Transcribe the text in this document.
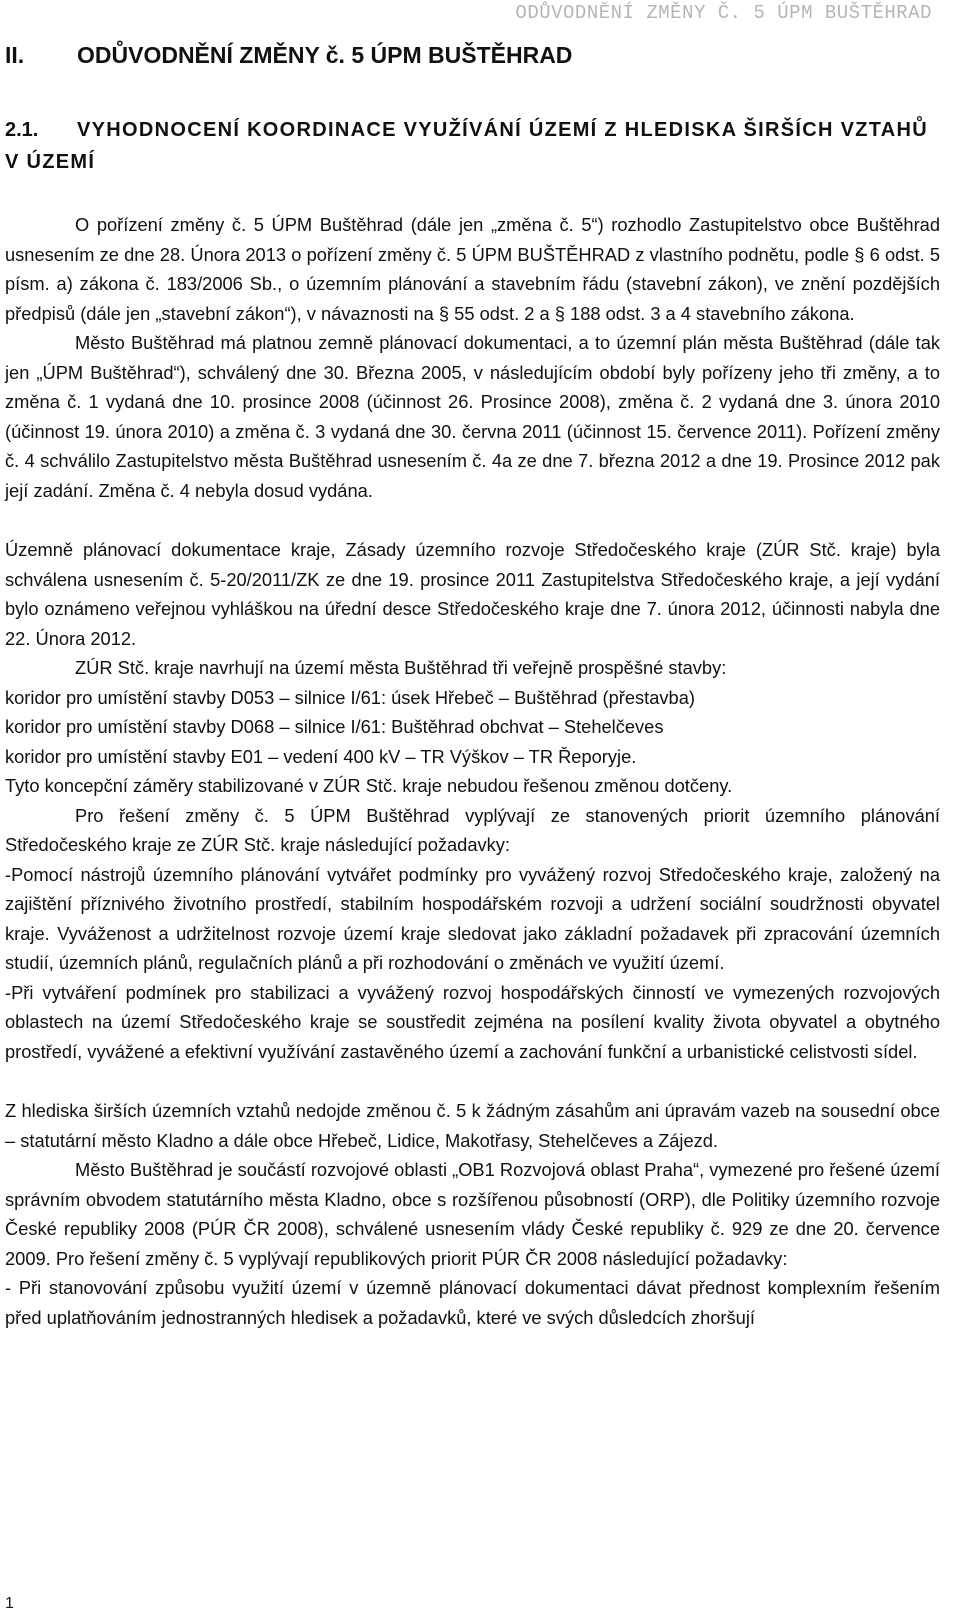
ODŮVODNĚNÍ ZMĚNY Č. 5 ÚPM BUŠTĚHRAD
II. ODŮVODNĚNÍ ZMĚNY č. 5 ÚPM BUŠTĚHRAD
2.1. VYHODNOCENÍ KOORDINACE VYUŽÍVÁNÍ ÚZEMÍ Z HLEDISKA ŠIRŠÍCH VZTAHŮ V ÚZEMÍ

O pořízení změny č. 5 ÚPM Buštěhrad (dále jen „změna č. 5“) rozhodlo Zastupitelstvo obce Buštěhrad usnesením ze dne 28. Února 2013 o pořízení změny č. 5 ÚPM BUŠTĚHRAD z vlastního podnětu, podle § 6 odst. 5 písm. a) zákona č. 183/2006 Sb., o územním plánování a stavebním řádu (stavební zákon), ve znění pozdějších předpisů (dále jen „stavební zákon“), v návaznosti na § 55 odst. 2 a § 188 odst. 3 a 4 stavebního zákona.

Město Buštěhrad má platnou zemně plánovací dokumentaci, a to územní plán města Buštěhrad (dále tak jen „ÚPM Buštěhrad“), schválený dne 30. Března 2005, v následujícím období byly pořízeny jeho tři změny, a to změna č. 1 vydaná dne 10. prosince 2008 (účinnost 26. Prosince 2008), změna č. 2 vydaná dne 3. února 2010 (účinnost 19. února 2010) a změna č. 3 vydaná dne 30. června 2011 (účinnost 15. července 2011). Pořízení změny č. 4 schválilo Zastupitelstvo města Buštěhrad usnesením č. 4a ze dne 7. března 2012 a dne 19. Prosince 2012 pak její zadání. Změna č. 4 nebyla dosud vydána.

Územně plánovací dokumentace kraje, Zásady územního rozvoje Středočeského kraje (ZÚR Stč. kraje) byla schválena usnesením č. 5-20/2011/ZK ze dne 19. prosince 2011 Zastupitelstva Středočeského kraje, a její vydání bylo oznámeno veřejnou vyhláškou na úřední desce Středočeského kraje dne 7. února 2012, účinnosti nabyla dne 22. Února 2012.

ZÚR Stč. kraje navrhují na území města Buštěhrad tři veřejně prospěšné stavby:

koridor pro umístění stavby D053 – silnice I/61: úsek Hřebeč – Buštěhrad (přestavba)

koridor pro umístění stavby D068 – silnice I/61: Buštěhrad obchvat – Stehelčeves

koridor pro umístění stavby E01 – vedení 400 kV – TR Výškov – TR Řeporyje.

Tyto koncepční záměry stabilizované v ZÚR Stč. kraje nebudou řešenou změnou dotčeny.

Pro řešení změny č. 5 ÚPM Buštěhrad vyplývají ze stanovených priorit územního plánování Středočeského kraje ze ZÚR Stč. kraje následující požadavky:

-Pomocí nástrojů územního plánování vytvářet podmínky pro vyvážený rozvoj Středočeského kraje, založený na zajištění příznivého životního prostředí, stabilním hospodářském rozvoji a udržení sociální soudržnosti obyvatel kraje. Vyváženost a udržitelnost rozvoje území kraje sledovat jako základní požadavek při zpracování územních studií, územních plánů, regulačních plánů a při rozhodování o změnách ve využití území.

-Při vytváření podmínek pro stabilizaci a vyvážený rozvoj hospodářských činností ve vymezených rozvojových oblastech na území Středočeského kraje se soustředit zejména na posílení kvality života obyvatel a obytného prostředí, vyvážené a efektivní využívání zastavěného území a zachování funkční a urbanistické celistvosti sídel.

Z hlediska širších územních vztahů nedojde změnou č. 5 k žádným zásahům ani úpravám vazeb na sousední obce – statutární město Kladno a dále obce Hřebeč, Lidice, Makotřasy, Stehelčeves a Zájezd.

Město Buštěhrad je součástí rozvojové oblasti „OB1 Rozvojová oblast Praha“, vymezené pro řešené území správním obvodem statutárního města Kladno, obce s rozšířenou působností (ORP), dle Politiky územního rozvoje České republiky 2008 (PÚR ČR 2008), schválené usnesením vlády České republiky č. 929 ze dne 20. července 2009. Pro řešení změny č. 5 vyplývají republikových priorit PÚR ČR 2008 následující požadavky:

- Při stanovování způsobu využití území v územně plánovací dokumentaci dávat přednost komplexním řešením před uplatňováním jednostranných hledisek a požadavků, které ve svých důsledcích zhoršují

1
